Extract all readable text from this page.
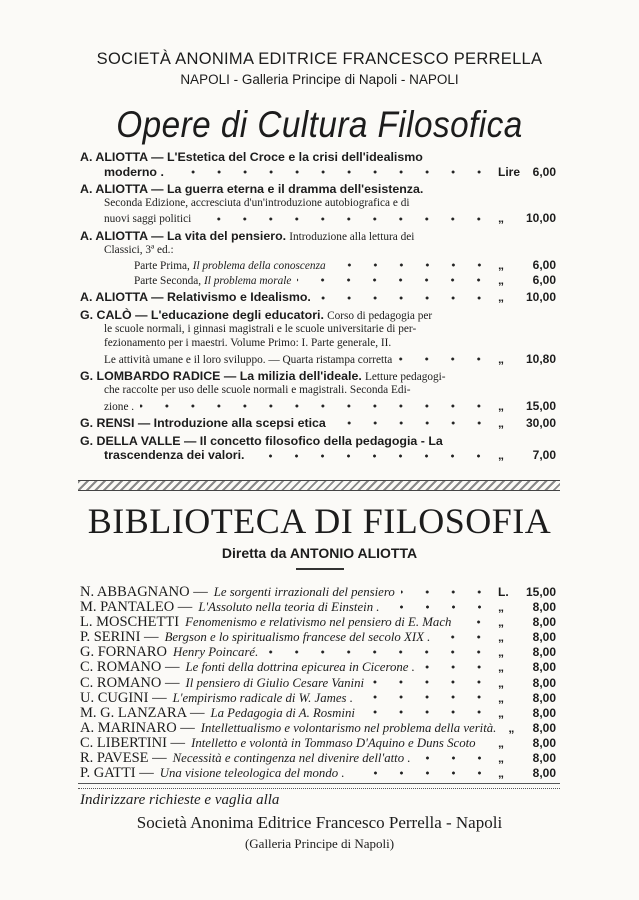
SOCIETÀ ANONIMA EDITRICE FRANCESCO PERRELLA
NAPOLI - Galleria Principe di Napoli - NAPOLI
Opere di Cultura Filosofica
A. ALIOTTA — L'Estetica del Croce e la crisi dell'idealismo
moderno .	Lire 6,00
A. ALIOTTA — La guerra eterna e il dramma dell'esistenza.
Seconda Edizione, accresciuta d'un'introduzione autobiografica e di
nuovi saggi politici	„ 10,00
A. ALIOTTA — La vita del pensiero.
Introduzione alla lettura dei
Classici, 3ª ed.:
Parte Prima,
Il problema della conoscenza	„ 6,00
Parte Seconda,
Il problema morale	„ 6,00
A. ALIOTTA — Relativismo e Idealismo.	„ 10,00
G. CALÒ — L'educazione degli educatori.
Corso di pedagogia per
le scuole normali, i ginnasi magistrali e le scuole universitarie di per-
fezionamento per i maestri. Volume Primo: I. Parte generale, II.
Le attività umane e il loro sviluppo. — Quarta ristampa corretta	„ 10,80
G. LOMBARDO RADICE — La milizia dell'ideale.
Letture pedagogi-
che raccolte per uso delle scuole normali e magistrali. Seconda Edi-
zione .	„ 15,00
G. RENSI — Introduzione alla scepsi etica	„ 30,00
G. DELLA VALLE — Il concetto filosofico della pedagogia - La
trascendenza dei valori.	„ 7,00
BIBLIOTECA DI FILOSOFIA
Diretta da ANTONIO ALIOTTA
N. ABBAGNANO — Le sorgenti irrazionali del pensiero	L. 15,00
M. PANTALEO — L'Assoluto nella teoria di Einstein .	„ 8,00
L. MOSCHETTI Fenomenismo e relativismo nel pensiero di E. Mach	„ 8,00
P. SERINI — Bergson e lo spiritualismo francese del secolo XIX .	„ 8,00
G. FORNARO Henry Poincaré.	„ 8,00
C. ROMANO — Le fonti della dottrina epicurea in Cicerone .	„ 8,00
C. ROMANO — Il pensiero di Giulio Cesare Vanini	„ 8,00
U. CUGINI — L'empirismo radicale di W. James .	„ 8,00
M. G. LANZARA — La Pedagogia di A. Rosmini	„ 8,00
A. MARINARO — Intellettualismo e volontarismo nel problema della verità. „ 8,00
C. LIBERTINI — Intelletto e volontà in Tommaso D'Aquino e Duns Scoto „ 8,00
R. PAVESE — Necessità e contingenza nel divenire dell'atto .	„ 8,00
P. GATTI — Una visione teleologica del mondo .	„ 8,00
Indirizzare richieste e vaglia alla
Società Anonima Editrice Francesco Perrella - Napoli
(Galleria Principe di Napoli)
